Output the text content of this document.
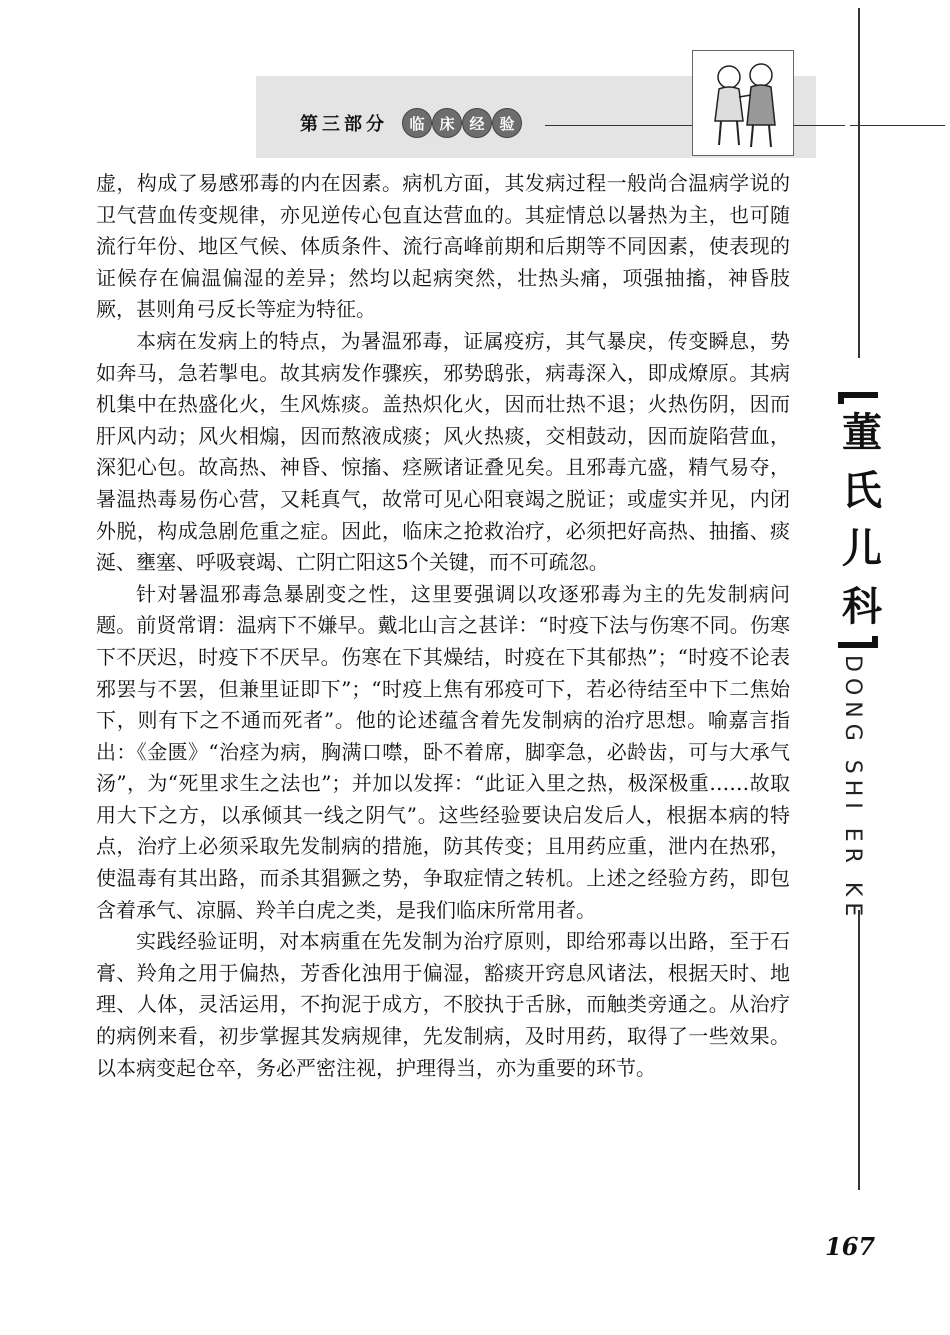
第三部分	临 床 经 验
董
氏
儿
科
DONG SHI ER KE

虚，构成了易感邪毒的内在因素。病机方面，其发病过程一般尚合温病学说的卫气营血传变规律，亦见逆传心包直达营血的。其症情总以暑热为主，也可随流行年份、地区气候、体质条件、流行高峰前期和后期等不同因素，使表现的证候存在偏温偏湿的差异；然均以起病突然，壮热头痛，项强抽搐，神昏肢厥，甚则角弓反长等症为特征。

本病在发病上的特点，为暑温邪毒，证属疫疠，其气暴戾，传变瞬息，势如奔马，急若掣电。故其病发作骤疾，邪势鸱张，病毒深入，即成燎原。其病机集中在热盛化火，生风炼痰。盖热炽化火，因而壮热不退；火热伤阴，因而肝风内动；风火相煽，因而熬液成痰；风火热痰，交相鼓动，因而旋陷营血，深犯心包。故高热、神昏、惊搐、痉厥诸证叠见矣。且邪毒亢盛，精气易夺，暑温热毒易伤心营，又耗真气，故常可见心阳衰竭之脱证；或虚实并见，内闭外脱，构成急剧危重之症。因此，临床之抢救治疗，必须把好高热、抽搐、痰涎、壅塞、呼吸衰竭、亡阴亡阳这5个关键，而不可疏忽。

针对暑温邪毒急暴剧变之性，这里要强调以攻逐邪毒为主的先发制病问题。前贤常谓：温病下不嫌早。戴北山言之甚详：“时疫下法与伤寒不同。伤寒下不厌迟，时疫下不厌早。伤寒在下其燥结，时疫在下其郁热”；“时疫不论表邪罢与不罢，但兼里证即下”；“时疫上焦有邪疫可下，若必待结至中下二焦始下，则有下之不通而死者”。他的论述蕴含着先发制病的治疗思想。喻嘉言指出：《金匮》“治痉为病，胸满口噤，卧不着席，脚挛急，必龄齿，可与大承气汤”，为“死里求生之法也”；并加以发挥：“此证入里之热，极深极重……故取用大下之方，以承倾其一线之阴气”。这些经验要诀启发后人，根据本病的特点，治疗上必须采取先发制病的措施，防其传变；且用药应重，泄内在热邪，使温毒有其出路，而杀其猖獗之势，争取症情之转机。上述之经验方药，即包含着承气、凉膈、羚羊白虎之类，是我们临床所常用者。

实践经验证明，对本病重在先发制为治疗原则，即给邪毒以出路，至于石膏、羚角之用于偏热，芳香化浊用于偏湿，豁痰开窍息风诸法，根据天时、地理、人体，灵活运用，不拘泥于成方，不胶执于舌脉，而触类旁通之。从治疗的病例来看，初步掌握其发病规律，先发制病，及时用药，取得了一些效果。以本病变起仓卒，务必严密注视，护理得当，亦为重要的环节。

167
